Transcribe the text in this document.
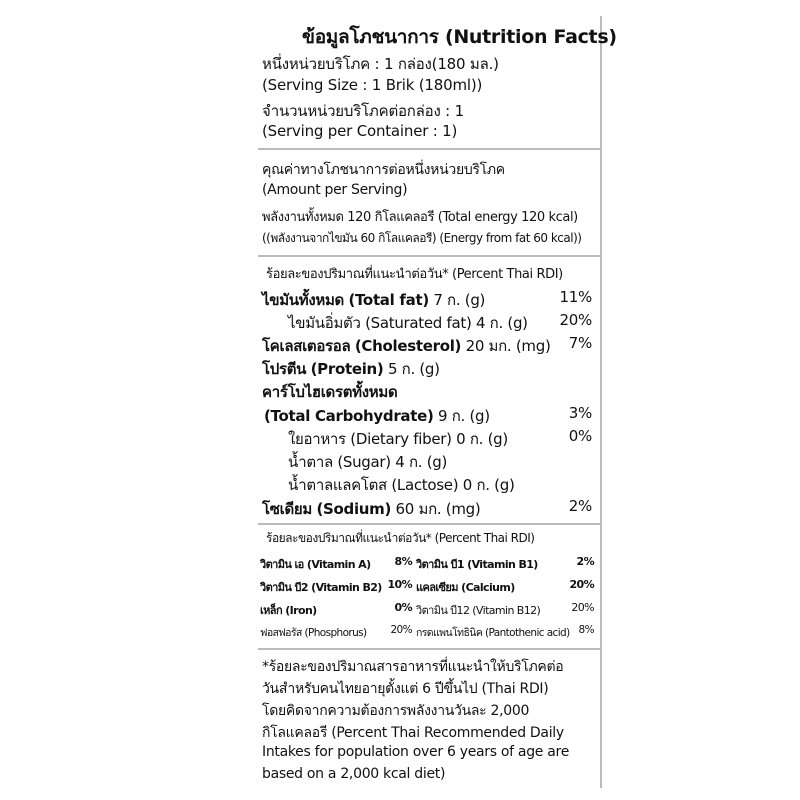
ข้อมูลโภชนาการ (Nutrition Facts)
หนึ่งหน่วยบริโภค : 1 กล่อง(180 มล.)
(Serving Size : 1 Brik (180ml))
จำนวนหน่วยบริโภคต่อกล่อง : 1
(Serving per Container : 1)
คุณค่าทางโภชนาการต่อหนึ่งหน่วยบริโภค
(Amount per Serving)
พลังงานทั้งหมด 120 กิโลแคลอรี (Total energy 120 kcal)
((พลังงานจากไขมัน 60 กิโลแคลอรี) (Energy from fat 60 kcal))
ร้อยละของปริมาณที่แนะนำต่อวัน* (Percent Thai RDI)
ไขมันทั้งหมด (Total fat) 7 ก. (g)	11%
ไขมันอิ่มตัว (Saturated fat) 4 ก. (g) 20%
โคเลสเตอรอล (Cholesterol) 20 มก. (mg) 7%
โปรตีน (Protein) 5 ก. (g)
คาร์โบไฮเดรตทั้งหมด
(Total Carbohydrate) 9 ก. (g)	3%
ใยอาหาร (Dietary fiber) 0 ก. (g)	0%
น้ำตาล (Sugar) 4 ก. (g)
น้ำตาลแลคโตส (Lactose) 0 ก. (g)
โซเดียม (Sodium) 60 มก. (mg)	2%
ร้อยละของปริมาณที่แนะนำต่อวัน* (Percent Thai RDI)
วิตามิน เอ (Vitamin A) 8% วิตามิน บี1 (Vitamin B1)	2%
วิตามิน บี2 (Vitamin B2) 10% แคลเซียม (Calcium)	20%
เหล็ก (Iron)	0% วิตามิน บี12 (Vitamin B12)	20%
ฟอสฟอรัส (Phosphorus) 20% กรดแพนโทธินิค (Pantothenic acid) 8%
*ร้อยละของปริมาณสารอาหารที่แนะนำให้บริโภคต่อ
วันสำหรับคนไทยอายุตั้งแต่ 6 ปีขึ้นไป (Thai RDI)
โดยคิดจากความต้องการพลังงานวันละ 2,000
กิโลแคลอรี (Percent Thai Recommended Daily
Intakes for population over 6 years of age are
based on a 2,000 kcal diet)
